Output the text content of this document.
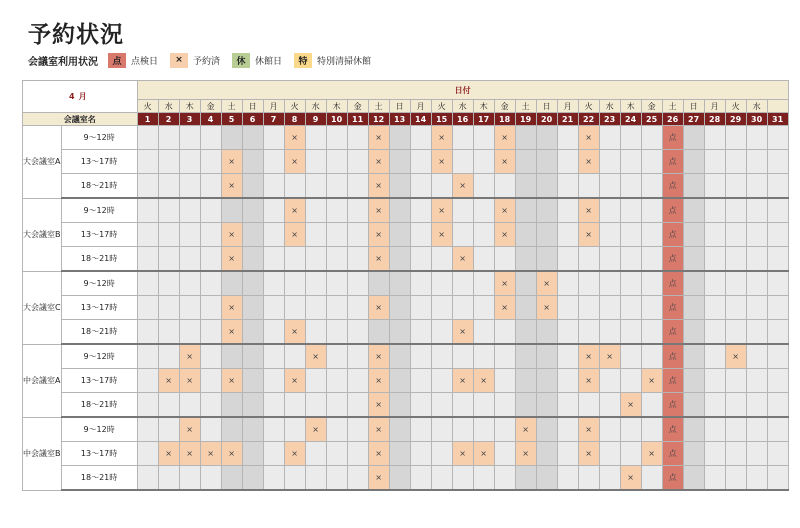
予約状況
会議室利用状況	点	点検日	×	予約済	休	休館日	特	特別清掃休館
4月		日付																														
		火	水	木	金	土	日	月	火	水	木	金	土	日	月	火	水	木	金	土	日	月	火	水	木	金	土	日	月	火	水	
会議室名		1	2	3	4	5	6	7	8	9	10	11	12	13	14	15	16	17	18	19	20	21	22	23	24	25	26	27	28	29	30	31
大会議室A	9～12時								×				×			×			×				×				点					
	13～17時					×			×				×			×			×				×				点					
	18～21時					×							×				×										点					
大会議室B	9～12時								×				×			×			×				×				点					
	13～17時					×			×				×			×			×				×				点					
	18～21時					×							×				×										点					
大会議室C	9～12時																		×		×						点					
	13～17時					×							×						×		×						点					
	18～21時					×			×								×										点					
中会議室A	9～12時			×						×			×										×	×			点			×		
	13～17時		×	×		×			×				×				×	×					×			×	点					
	18～21時												×												×		点					
中会議室B	9～12時			×						×			×							×			×				点					
	13～17時		×	×	×	×			×				×				×	×		×			×			×	点					
	18～21時												×												×		点					
